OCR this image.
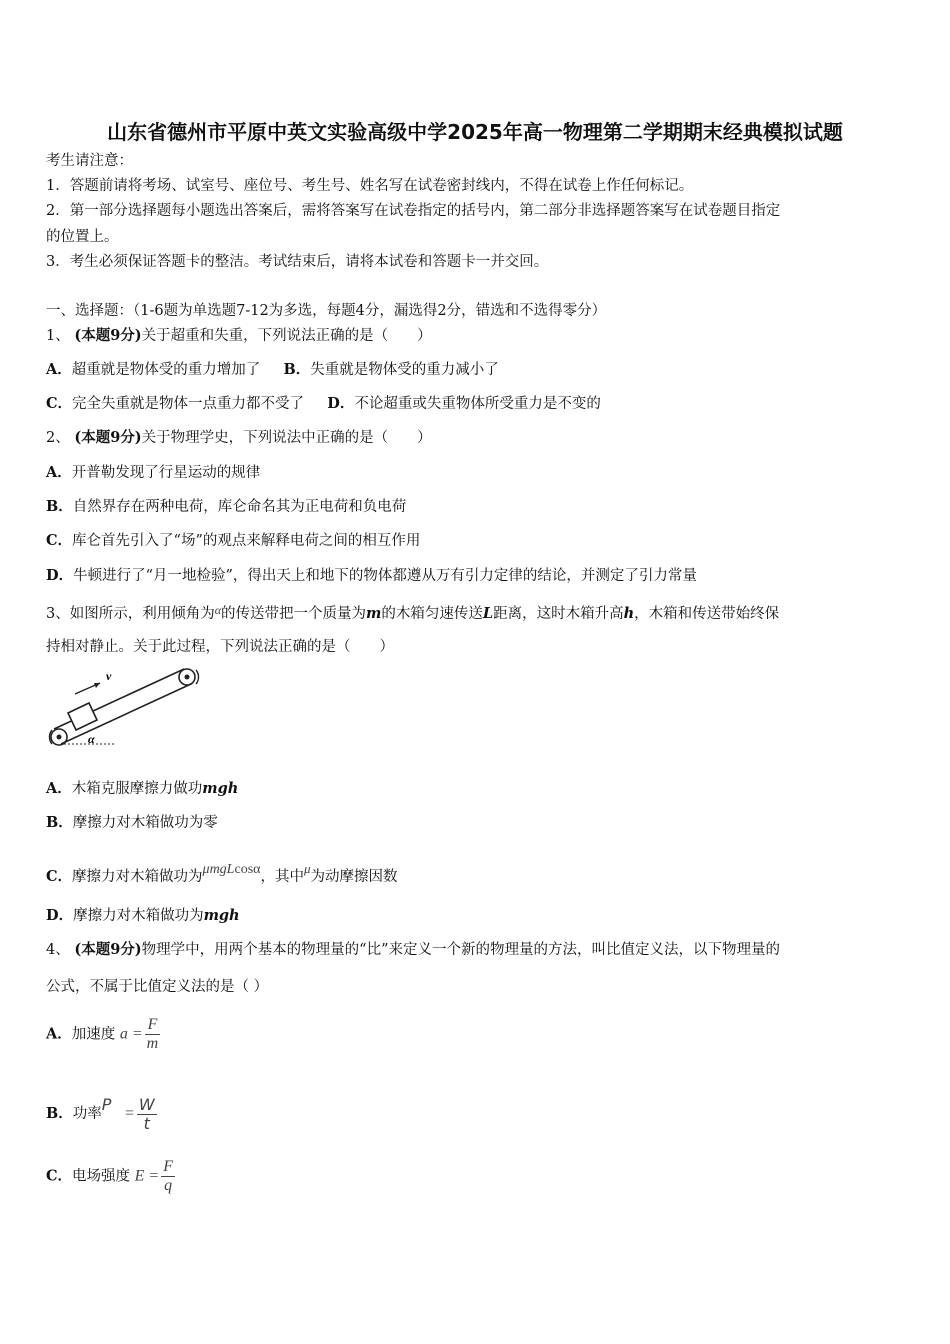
山东省德州市平原中英文实验高级中学2025年高一物理第二学期期末经典模拟试题
考生请注意：
1．答题前请将考场、试室号、座位号、考生号、姓名写在试卷密封线内，不得在试卷上作任何标记。
2．第一部分选择题每小题选出答案后，需将答案写在试卷指定的括号内，第二部分非选择题答案写在试卷题目指定
的位置上。
3．考生必须保证答题卡的整洁。考试结束后，请将本试卷和答题卡一并交回。
一、选择题：（1-6题为单选题7-12为多选，每题4分，漏选得2分，错选和不选得零分）
1、 (本题9分)关于超重和失重，下列说法正确的是（　　）
A．超重就是物体受的重力增加了 B．失重就是物体受的重力减小了
C．完全失重就是物体一点重力都不受了 D．不论超重或失重物体所受重力是不变的
2、 (本题9分)关于物理学史，下列说法中正确的是（　　）
A．开普勒发现了行星运动的规律
B．自然界存在两种电荷，库仑命名其为正电荷和负电荷
C．库仑首先引入了“场”的观点来解释电荷之间的相互作用
D．牛顿进行了“月一地检验”，得出天上和地下的物体都遵从万有引力定律的结论，并测定了引力常量
3、如图所示，利用倾角为$^\alpha$的传送带把一个质量为m的木箱匀速传送L距离，这时木箱升高h，木箱和传送带始终保
持相对静止。关于此过程，下列说法正确的是（　　）
v
α
A．木箱克服摩擦力做功mgh
B．摩擦力对木箱做功为零
C．摩擦力对木箱做功为μmgLcosα，其中μ为动摩擦因数
D．摩擦力对木箱做功为mgh
4、 (本题9分)物理学中，用两个基本的物理量的“比”来定义一个新的物理量的方法，叫比值定义法，以下物理量的
公式，不属于比值定义法的是（ ）
A．加速度 $a = \frac{F}{m}$
B．功率$P = \frac{W}{t}$
C．电场强度 $E = \frac{F}{q}$
